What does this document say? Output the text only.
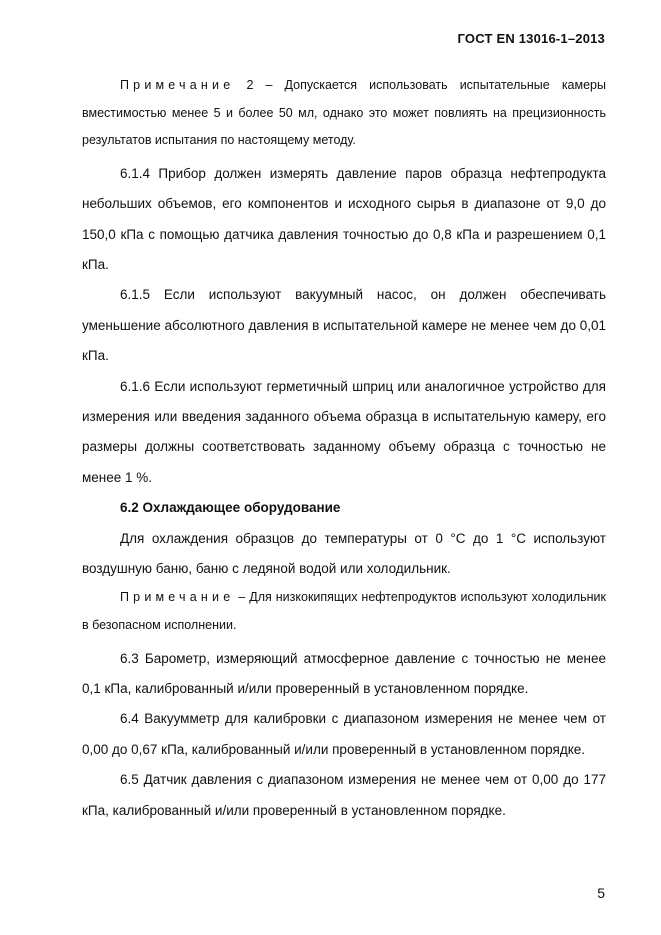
ГОСТ EN 13016-1–2013

Примечание 2 – Допускается использовать испытательные камеры вместимостью менее 5 и более 50 мл, однако это может повлиять на прецизионность результатов испытания по настоящему методу.

6.1.4 Прибор должен измерять давление паров образца нефтепродукта небольших объемов, его компонентов и исходного сырья в диапазоне от 9,0 до 150,0 кПа с помощью датчика давления точностью до 0,8 кПа и разрешением 0,1 кПа.

6.1.5 Если используют вакуумный насос, он должен обеспечивать уменьшение абсолютного давления в испытательной камере не менее чем до 0,01 кПа.

6.1.6 Если используют герметичный шприц или аналогичное устройство для измерения или введения заданного объема образца в испытательную камеру, его размеры должны соответствовать заданному объему образца с точностью не менее 1 %.

6.2 Охлаждающее оборудование

Для охлаждения образцов до температуры от 0 °С до 1 °С используют воздушную баню, баню с ледяной водой или холодильник.

Примечание – Для низкокипящих нефтепродуктов используют холодильник в безопасном исполнении.

6.3 Барометр, измеряющий атмосферное давление с точностью не менее 0,1 кПа, калиброванный и/или проверенный в установленном порядке.

6.4 Вакуумметр для калибровки с диапазоном измерения не менее чем от 0,00 до 0,67 кПа, калиброванный и/или проверенный в установленном порядке.

6.5 Датчик давления с диапазоном измерения не менее чем от 0,00 до 177 кПа, калиброванный и/или проверенный в установленном порядке.

5
